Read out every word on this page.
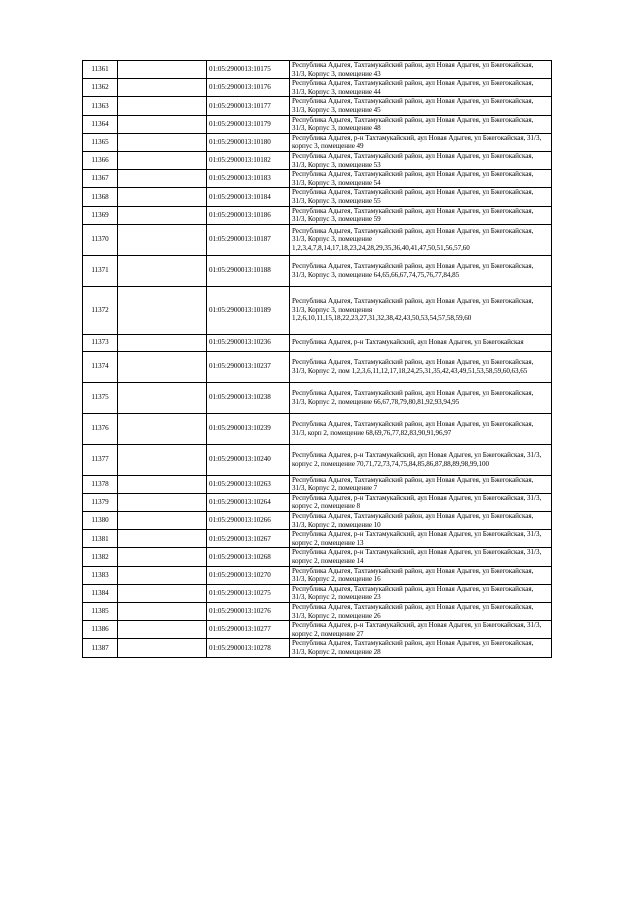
11361		01:05:2900013:10175	Республика Адыгея, Тахтамукайский район, аул Новая Адыгея, ул Бжегокайская, 31/3, Корпус 3, помещение 43
11362		01:05:2900013:10176	Республика Адыгея, Тахтамукайский район, аул Новая Адыгея, ул Бжегокайская, 31/3, Корпус 3, помещение 44
11363		01:05:2900013:10177	Республика Адыгея, Тахтамукайский район, аул Новая Адыгея, ул Бжегокайская, 31/3, Корпус 3, помещение 45
11364		01:05:2900013:10179	Республика Адыгея, Тахтамукайский район, аул Новая Адыгея, ул Бжегокайская, 31/3, Корпус 3, помещение 48
11365		01:05:2900013:10180	Республика Адыгея, р-н Тахтамукайский, аул Новая Адыгея, ул Бжегокайская, 31/3, корпус 3, помещение 49
11366		01:05:2900013:10182	Республика Адыгея, Тахтамукайский район, аул Новая Адыгея, ул Бжегокайская, 31/3, Корпус 3, помещение 53
11367		01:05:2900013:10183	Республика Адыгея, Тахтамукайский район, аул Новая Адыгея, ул Бжегокайская, 31/3, Корпус 3, помещение 54
11368		01:05:2900013:10184	Республика Адыгея, Тахтамукайский район, аул Новая Адыгея, ул Бжегокайская, 31/3, Корпус 3, помещение 55
11369		01:05:2900013:10186	Республика Адыгея, Тахтамукайский район, аул Новая Адыгея, ул Бжегокайская, 31/3, Корпус 3, помещение 59
11370		01:05:2900013:10187	Республика Адыгея, Тахтамукайский район, аул Новая Адыгея, ул Бжегокайская, 31/3, Корпус 3, помещение 1,2,3,4,7,8,14,17,18,23,24,28,29,35,36,40,41,47,50,51,56,57,60
11371		01:05:2900013:10188	Республика Адыгея, Тахтамукайский район, аул Новая Адыгея, ул Бжегокайская, 31/3, Корпус 3, помещение 64,65,66,67,74,75,76,77,84,85
11372		01:05:2900013:10189	Республика Адыгея, Тахтамукайский район, аул Новая Адыгея, ул Бжегокайская, 31/3, Корпус 3, помещения 1,2,6,10,11,15,18,22,23,27,31,32,38,42,43,50,53,54,57,58,59,60
11373		01:05:2900013:10236	Республика Адыгея, р-н Тахтамукайский, аул Новая Адыгея, ул Бжегокайская
11374		01:05:2900013:10237	Республика Адыгея, Тахтамукайский район, аул Новая Адыгея, ул Бжегокайская, 31/3, Корпус 2, пом 1,2,3,6,11,12,17,18,24,25,31,35,42,43,49,51,53,58,59,60,63,65
11375		01:05:2900013:10238	Республика Адыгея, Тахтамукайский район, аул Новая Адыгея, ул Бжегокайская, 31/3, Корпус 2, помещение 66,67,78,79,80,81,92,93,94,95
11376		01:05:2900013:10239	Республика Адыгея, Тахтамукайский район, аул Новая Адыгея, ул Бжегокайская, 31/3, корп 2, помещение 68,69,76,77,82,83,90,91,96,97
11377		01:05:2900013:10240	Республика Адыгея, р-н Тахтамукайский, аул Новая Адыгея, ул Бжегокайская, 31/3, корпус 2, помещение 70,71,72,73,74,75,84,85,86,87,88,89,98,99,100
11378		01:05:2900013:10263	Республика Адыгея, Тахтамукайский район, аул Новая Адыгея, ул Бжегокайская, 31/3, Корпус 2, помещение 7
11379		01:05:2900013:10264	Республика Адыгея, р-н Тахтамукайский, аул Новая Адыгея, ул Бжегокайская, 31/3, корпус 2, помещение 8
11380		01:05:2900013:10266	Республика Адыгея, Тахтамукайский район, аул Новая Адыгея, ул Бжегокайская, 31/3, Корпус 2, помещение 10
11381		01:05:2900013:10267	Республика Адыгея, р-н Тахтамукайский, аул Новая Адыгея, ул Бжегокайская, 31/3, корпус 2, помещение 13
11382		01:05:2900013:10268	Республика Адыгея, р-н Тахтамукайский, аул Новая Адыгея, ул Бжегокайская, 31/3, корпус 2, помещение 14
11383		01:05:2900013:10270	Республика Адыгея, Тахтамукайский район, аул Новая Адыгея, ул Бжегокайская, 31/3, Корпус 2, помещение 16
11384		01:05:2900013:10275	Республика Адыгея, Тахтамукайский район, аул Новая Адыгея, ул Бжегокайская, 31/3, Корпус 2, помещение 23
11385		01:05:2900013:10276	Республика Адыгея, Тахтамукайский район, аул Новая Адыгея, ул Бжегокайская, 31/3, Корпус 2, помещение 26
11386		01:05:2900013:10277	Республика Адыгея, р-н Тахтамукайский, аул Новая Адыгея, ул Бжегокайская, 31/3, корпус 2, помещение 27
11387		01:05:2900013:10278	Республика Адыгея, Тахтамукайский район, аул Новая Адыгея, ул Бжегокайская, 31/3, Корпус 2, помещение 28
